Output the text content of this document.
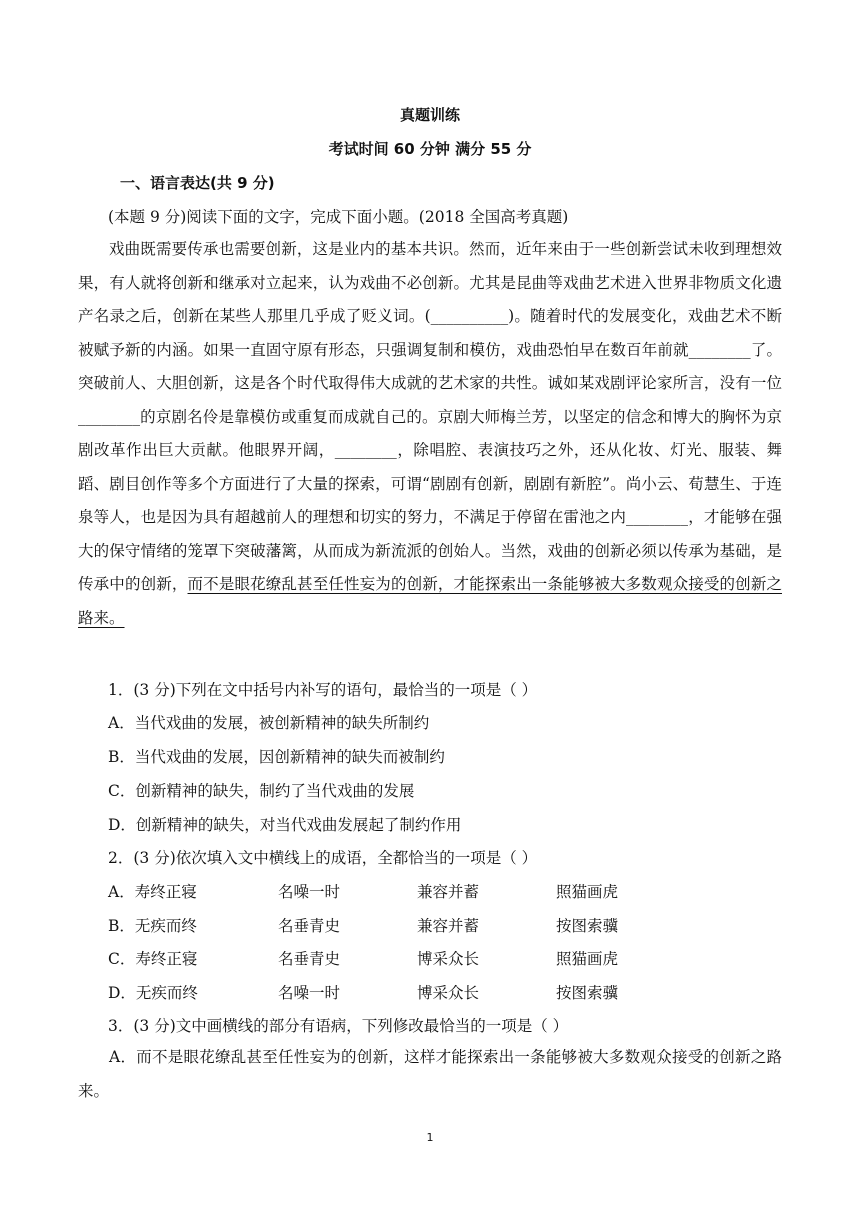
真题训练
考试时间 60 分钟 满分 55 分
一、语言表达(共 9 分)
(本题 9 分)阅读下面的文字，完成下面小题。(2018 全国高考真题)
戏曲既需要传承也需要创新，这是业内的基本共识。然而，近年来由于一些创新尝试未收到理想效果，有人就将创新和继承对立起来，认为戏曲不必创新。尤其是昆曲等戏曲艺术进入世界非物质文化遗产名录之后，创新在某些人那里几乎成了贬义词。(__________)。随着时代的发展变化，戏曲艺术不断被赋予新的内涵。如果一直固守原有形态，只强调复制和模仿，戏曲恐怕早在数百年前就________了。突破前人、大胆创新，这是各个时代取得伟大成就的艺术家的共性。诚如某戏剧评论家所言，没有一位________的京剧名伶是靠模仿或重复而成就自己的。京剧大师梅兰芳，以坚定的信念和博大的胸怀为京剧改革作出巨大贡献。他眼界开阔，________，除唱腔、表演技巧之外，还从化妆、灯光、服装、舞蹈、剧目创作等多个方面进行了大量的探索，可谓“剧剧有创新，剧剧有新腔”。尚小云、荀慧生、于连泉等人，也是因为具有超越前人的理想和切实的努力，不满足于停留在雷池之内________，才能够在强大的保守情绪的笼罩下突破藩篱，从而成为新流派的创始人。当然，戏曲的创新必须以传承为基础，是传承中的创新，而不是眼花缭乱甚至任性妄为的创新，才能探索出一条能够被大多数观众接受的创新之路来。
1．(3 分)下列在文中括号内补写的语句，最恰当的一项是（ ）
A．当代戏曲的发展，被创新精神的缺失所制约
B．当代戏曲的发展，因创新精神的缺失而被制约
C．创新精神的缺失，制约了当代戏曲的发展
D．创新精神的缺失，对当代戏曲发展起了制约作用
2．(3 分)依次填入文中横线上的成语，全都恰当的一项是（ ）
A．寿终正寝	名噪一时	兼容并蓄	照猫画虎
B．无疾而终	名垂青史	兼容并蓄	按图索骥
C．寿终正寝	名垂青史	博采众长	照猫画虎
D．无疾而终	名噪一时	博采众长	按图索骥
3．(3 分)文中画横线的部分有语病，下列修改最恰当的一项是（ ）
A．而不是眼花缭乱甚至任性妄为的创新，这样才能探索出一条能够被大多数观众接受的创新之路来。
1
